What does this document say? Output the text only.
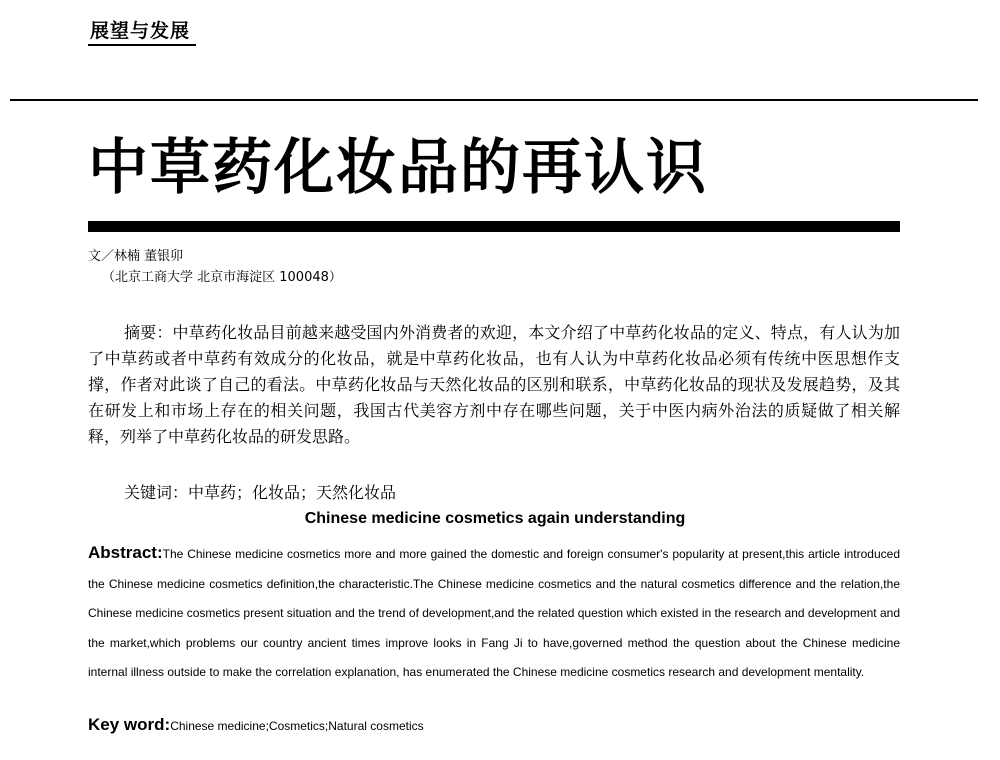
展望与发展
中草药化妆品的再认识
文／林楠 董银卯
（北京工商大学 北京市海淀区 100048）

摘要：中草药化妆品目前越来越受国内外消费者的欢迎，本文介绍了中草药化妆品的定义、特点，有人认为加了中草药或者中草药有效成分的化妆品，就是中草药化妆品，也有人认为中草药化妆品必须有传统中医思想作支撑，作者对此谈了自己的看法。中草药化妆品与天然化妆品的区别和联系，中草药化妆品的现状及发展趋势，及其在研发上和市场上存在的相关问题，我国古代美容方剂中存在哪些问题，关于中医内病外治法的质疑做了相关解释，列举了中草药化妆品的研发思路。

关键词：中草药；化妆品；天然化妆品
Chinese medicine cosmetics again understanding

Abstract:The Chinese medicine cosmetics more and more gained the domestic and foreign consumer's popularity at present,this article introduced the Chinese medicine cosmetics definition,the characteristic.The Chinese medicine cosmetics and the natural cosmetics difference and the relation,the Chinese medicine cosmetics present situation and the trend of development,and the related question which existed in the research and development and the market,which problems our country ancient times improve looks in Fang Ji to have,governed method the question about the Chinese medicine internal illness outside to make the correlation explanation, has enumerated the Chinese medicine cosmetics research and development mentality.

Key word:Chinese medicine;Cosmetics;Natural cosmetics
